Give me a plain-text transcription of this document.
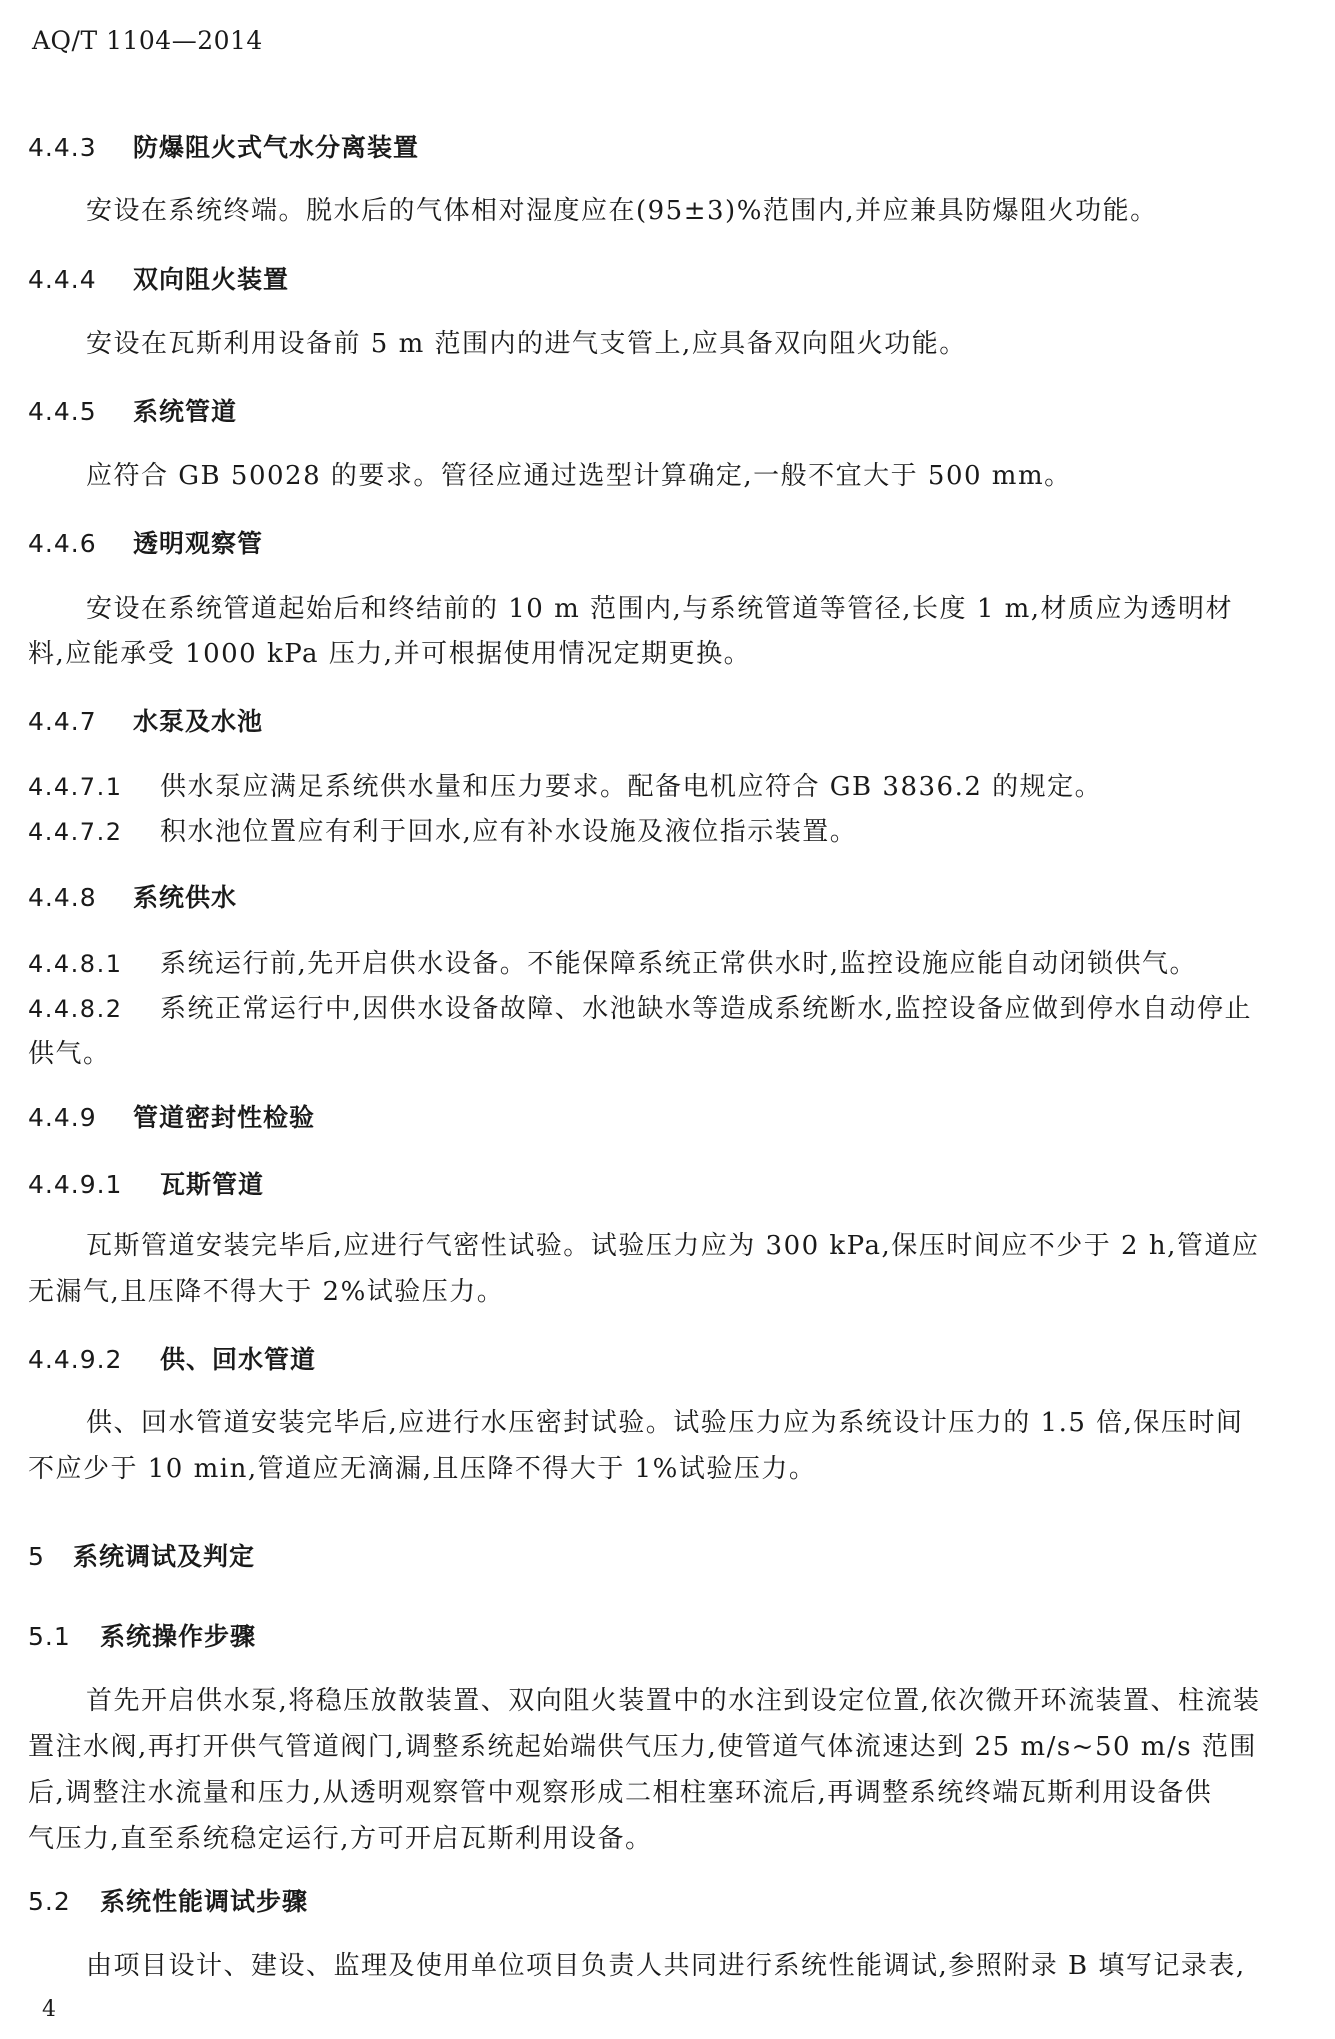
AQ/T 1104—2014
4.4.3 防爆阻火式气水分离装置
安设在系统终端。脱水后的气体相对湿度应在(95±3)%范围内,并应兼具防爆阻火功能。
4.4.4 双向阻火装置
安设在瓦斯利用设备前 5 m 范围内的进气支管上,应具备双向阻火功能。
4.4.5 系统管道
应符合 GB 50028 的要求。管径应通过选型计算确定,一般不宜大于 500 mm。
4.4.6 透明观察管
安设在系统管道起始后和终结前的 10 m 范围内,与系统管道等管径,长度 1 m,材质应为透明材
料,应能承受 1000 kPa 压力,并可根据使用情况定期更换。
4.4.7 水泵及水池
4.4.7.1 供水泵应满足系统供水量和压力要求。配备电机应符合 GB 3836.2 的规定。
4.4.7.2 积水池位置应有利于回水,应有补水设施及液位指示装置。
4.4.8 系统供水
4.4.8.1 系统运行前,先开启供水设备。不能保障系统正常供水时,监控设施应能自动闭锁供气。
4.4.8.2 系统正常运行中,因供水设备故障、水池缺水等造成系统断水,监控设备应做到停水自动停止
供气。
4.4.9 管道密封性检验
4.4.9.1 瓦斯管道
瓦斯管道安装完毕后,应进行气密性试验。试验压力应为 300 kPa,保压时间应不少于 2 h,管道应
无漏气,且压降不得大于 2%试验压力。
4.4.9.2 供、回水管道
供、回水管道安装完毕后,应进行水压密封试验。试验压力应为系统设计压力的 1.5 倍,保压时间
不应少于 10 min,管道应无滴漏,且压降不得大于 1%试验压力。
5 系统调试及判定
5.1 系统操作步骤
首先开启供水泵,将稳压放散装置、双向阻火装置中的水注到设定位置,依次微开环流装置、柱流装
置注水阀,再打开供气管道阀门,调整系统起始端供气压力,使管道气体流速达到 25 m/s~50 m/s 范围
后,调整注水流量和压力,从透明观察管中观察形成二相柱塞环流后,再调整系统终端瓦斯利用设备供
气压力,直至系统稳定运行,方可开启瓦斯利用设备。
5.2 系统性能调试步骤
由项目设计、建设、监理及使用单位项目负责人共同进行系统性能调试,参照附录 B 填写记录表,
4
